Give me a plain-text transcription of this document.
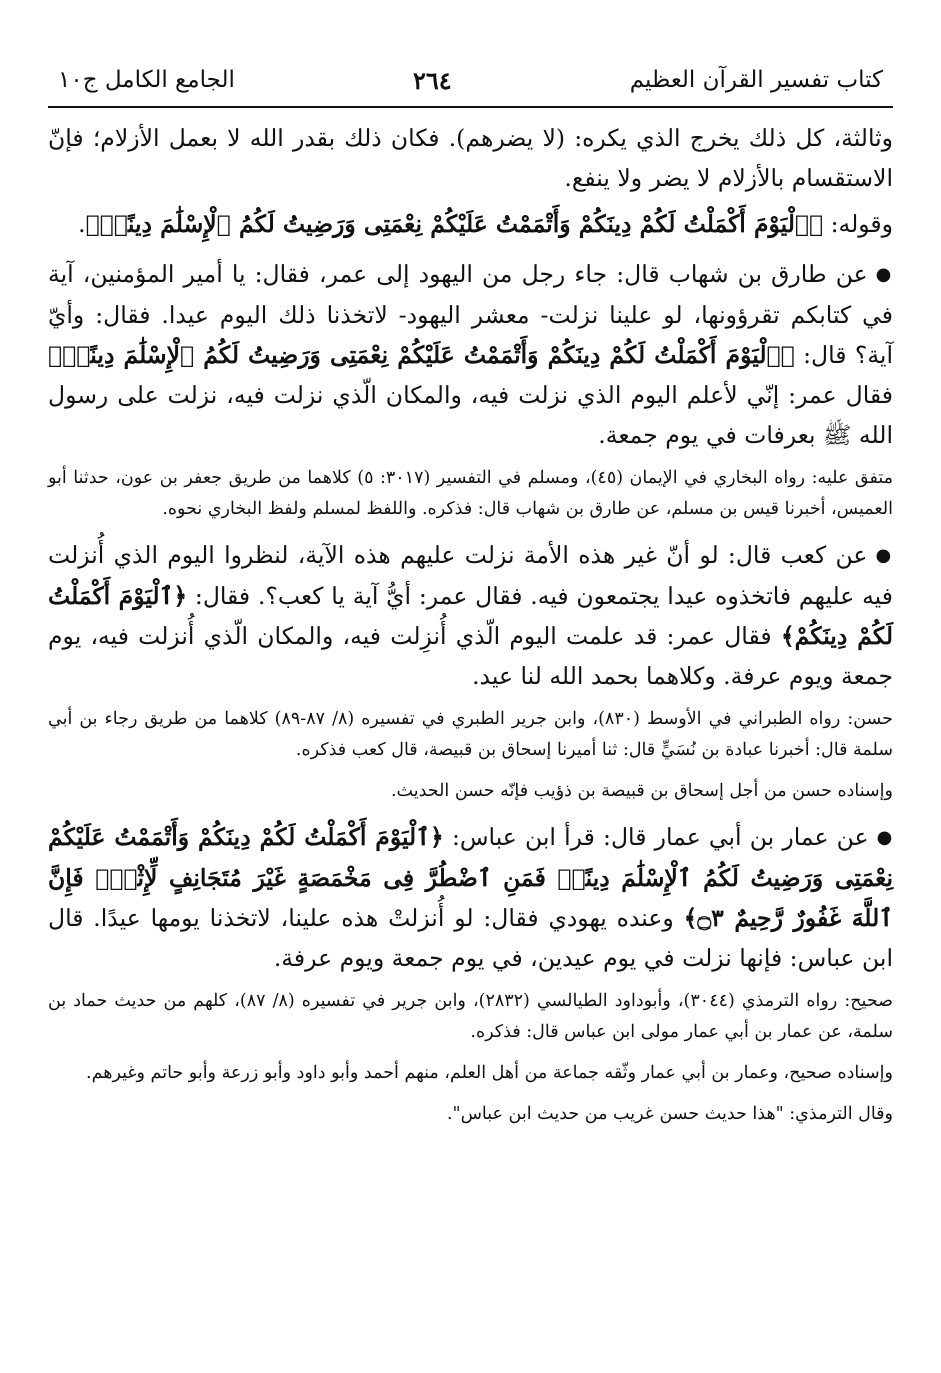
كتاب تفسير القرآن العظيم
٢٦٤
الجامع الكامل ج١٠

وثالثة، كل ذلك يخرج الذي يكره: (لا يضرهم). فكان ذلك بقدر الله لا بعمل الأزلام؛ فإنّ الاستقسام بالأزلام لا يضر ولا ينفع.

وقوله: ﴿ٱلْيَوْمَ أَكْمَلْتُ لَكُمْ دِينَكُمْ وَأَتْمَمْتُ عَلَيْكُمْ نِعْمَتِى وَرَضِيتُ لَكُمُ ٱلْإِسْلَٰمَ دِينًاۚ﴾.

●عن طارق بن شهاب قال: جاء رجل من اليهود إلى عمر، فقال: يا أمير المؤمنين، آية في كتابكم تقرؤونها، لو علينا نزلت- معشر اليهود- لاتخذنا ذلك اليوم عيدا. فقال: وأيّ آية؟ قال: ﴿ٱلْيَوْمَ أَكْمَلْتُ لَكُمْ دِينَكُمْ وَأَتْمَمْتُ عَلَيْكُمْ نِعْمَتِى وَرَضِيتُ لَكُمُ ٱلْإِسْلَٰمَ دِينًاۚ﴾ فقال عمر: إنّي لأعلم اليوم الذي نزلت فيه، والمكان الّذي نزلت فيه، نزلت على رسول الله ﷺ بعرفات في يوم جمعة.

متفق عليه: رواه البخاري في الإيمان (٤٥)، ومسلم في التفسير (٣٠١٧: ٥) كلاهما من طريق جعفر بن عون، حدثنا أبو العميس، أخبرنا قيس بن مسلم، عن طارق بن شهاب قال: فذكره. واللفظ لمسلم ولفظ البخاري نحوه.

●عن كعب قال: لو أنّ غير هذه الأمة نزلت عليهم هذه الآية، لنظروا اليوم الذي أُنزلت فيه عليهم فاتخذوه عيدا يجتمعون فيه. فقال عمر: أيُّ آية يا كعب؟. فقال: ﴿ٱلْيَوْمَ أَكْمَلْتُ لَكُمْ دِينَكُمْ﴾ فقال عمر: قد علمت اليوم الّذي أُنزِلت فيه، والمكان الّذي أُنزلت فيه، يوم جمعة ويوم عرفة. وكلاهما بحمد الله لنا عيد.

حسن: رواه الطبراني في الأوسط (٨٣٠)، وابن جرير الطبري في تفسيره (٨/ ٨٧-٨٩) كلاهما من طريق رجاء بن أبي سلمة قال: أخبرنا عبادة بن نُسَيٍّ قال: ثنا أميرنا إسحاق بن قبيصة، قال كعب فذكره.

وإسناده حسن من أجل إسحاق بن قبيصة بن ذؤيب فإنّه حسن الحديث.

●عن عمار بن أبي عمار قال: قرأ ابن عباس: ﴿ٱلْيَوْمَ أَكْمَلْتُ لَكُمْ دِينَكُمْ وَأَتْمَمْتُ عَلَيْكُمْ نِعْمَتِى وَرَضِيتُ لَكُمُ ٱلْإِسْلَٰمَ دِينًاۚ فَمَنِ ٱضْطُرَّ فِى مَخْمَصَةٍ غَيْرَ مُتَجَانِفٍ لِّإِثْمٍۙ فَإِنَّ ٱللَّهَ غَفُورٌ رَّحِيمٌ ۝٣﴾ وعنده يهودي فقال: لو أُنزلتْ هذه علينا، لاتخذنا يومها عيدًا. قال ابن عباس: فإنها نزلت في يوم عيدين، في يوم جمعة ويوم عرفة.

صحيح: رواه الترمذي (٣٠٤٤)، وأبوداود الطيالسي (٢٨٣٢)، وابن جرير في تفسيره (٨/ ٨٧)، كلهم من حديث حماد بن سلمة، عن عمار بن أبي عمار مولى ابن عباس قال: فذكره.

وإسناده صحيح، وعمار بن أبي عمار وثّقه جماعة من أهل العلم، منهم أحمد وأبو داود وأبو زرعة وأبو حاتم وغيرهم.

وقال الترمذي: "هذا حديث حسن غريب من حديث ابن عباس".
